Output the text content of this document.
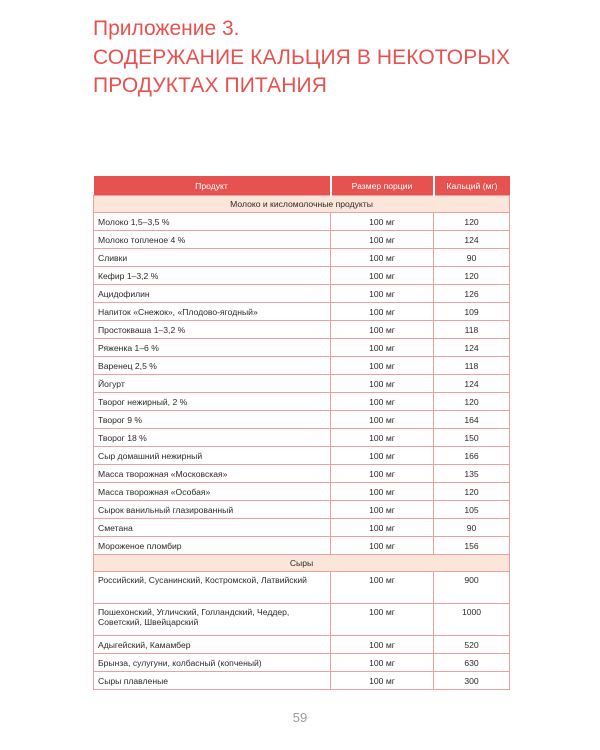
Приложение 3.
СОДЕРЖАНИЕ КАЛЬЦИЯ В НЕКОТОРЫХ
ПРОДУКТАХ ПИТАНИЯ
Продукт	Размер порции	Кальций (мг)
Молоко и кисломолочные продукты		
Молоко 1,5–3,5 %	100 мг	120
Молоко топленое 4 %	100 мг	124
Сливки	100 мг	90
Кефир 1–3,2 %	100 мг	120
Ацидофилин	100 мг	126
Напиток «Снежок», «Плодово-ягодный»	100 мг	109
Простокваша 1–3,2 %	100 мг	118
Ряженка 1–6 %	100 мг	124
Варенец 2,5 %	100 мг	118
Йогурт	100 мг	124
Творог нежирный, 2 %	100 мг	120
Творог 9 %	100 мг	164
Творог 18 %	100 мг	150
Сыр домашний нежирный	100 мг	166
Масса творожная «Московская»	100 мг	135
Масса творожная «Особая»	100 мг	120
Сырок ванильный глазированный	100 мг	105
Сметана	100 мг	90
Мороженое пломбир	100 мг	156
Сыры		
Российский, Сусанинский, Костромской, Латвийский	100 мг	900
Пошехонский, Угличский, Голландский, Чеддер, Советский, Швейцарский	100 мг	1000
Адыгейский, Камамбер	100 мг	520
Брынза, сулугуни, колбасный (копченый)	100 мг	630
Сыры плавленые	100 мг	300
59
